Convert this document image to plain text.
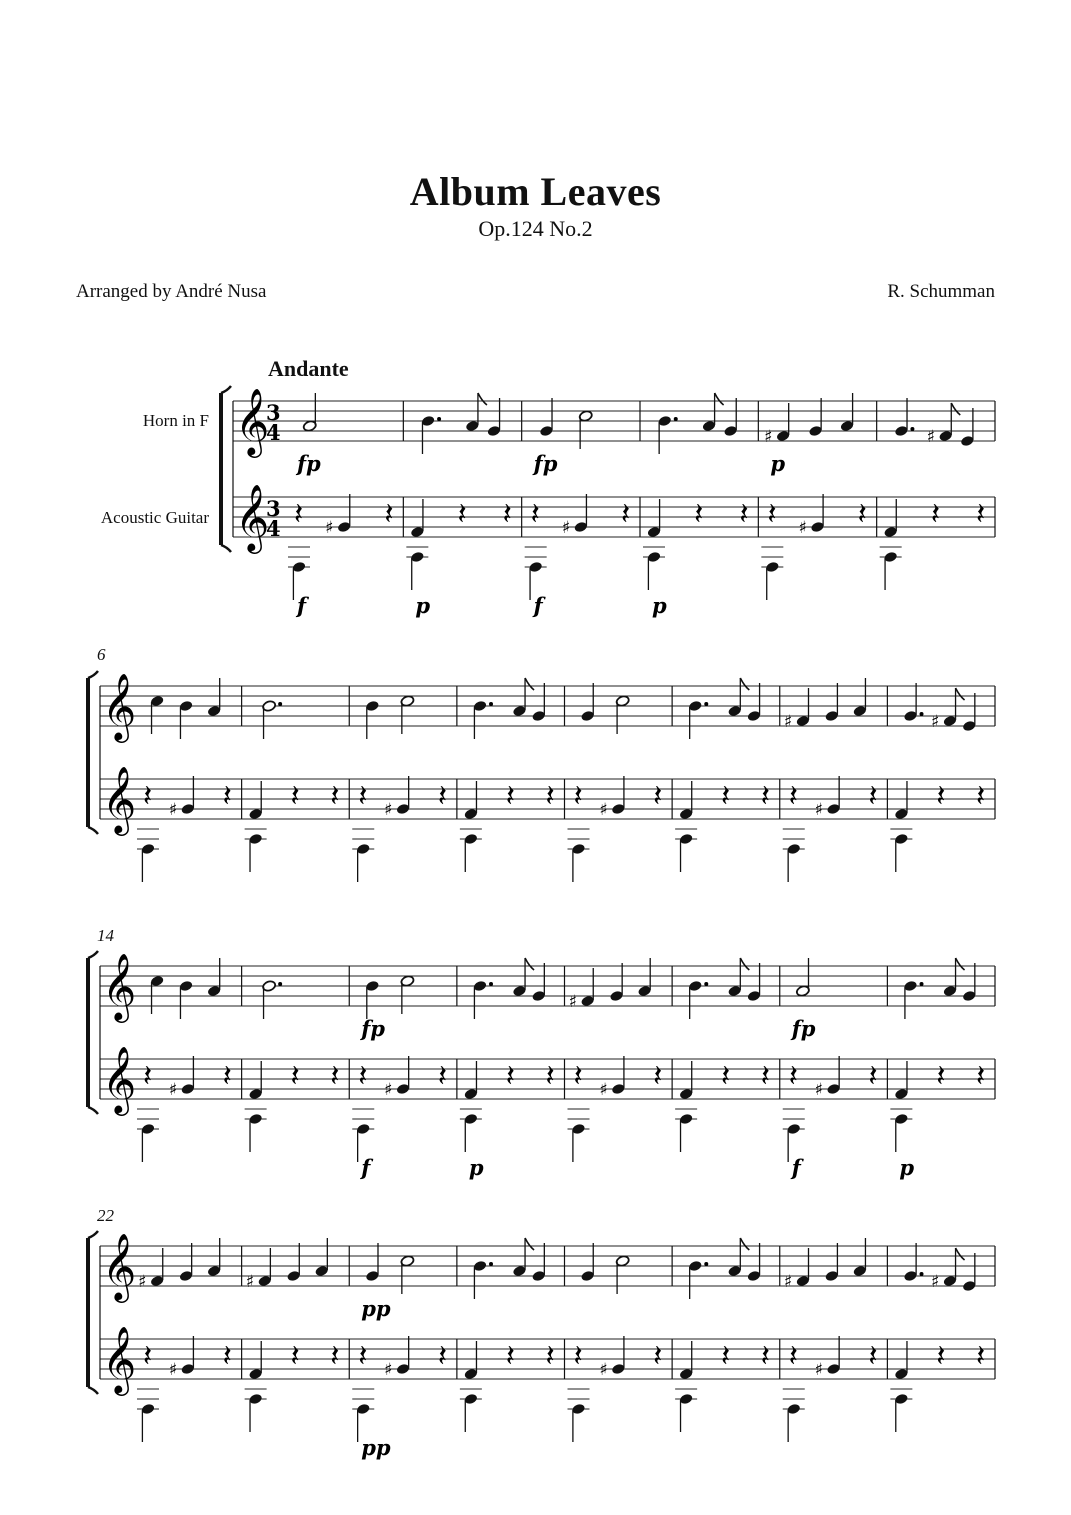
Album Leaves
Op.124 No.2
Arranged by André Nusa	R. Schumman
Andante
Horn in F
Acoustic Guitar
6
14
22
𝄞
𝄞
3
4
3
4 𝄽 ♯ 𝄽 𝄽 𝄽 𝄽 ♯ 𝄽 𝄽 𝄽
♯
𝄽 ♯ 𝄽
♯
𝄽 𝄽
fp	fp	p
f	p	f	p
𝄞
𝄞 𝄽 ♯ 𝄽 𝄽 𝄽 𝄽 ♯ 𝄽 𝄽 𝄽 𝄽 ♯ 𝄽 𝄽 𝄽
♯
𝄽 ♯ 𝄽
♯
𝄽 𝄽
𝄞
𝄞 𝄽 ♯ 𝄽 𝄽 𝄽 𝄽 ♯ 𝄽 𝄽 𝄽
♯
𝄽 ♯ 𝄽 𝄽 𝄽 𝄽 ♯ 𝄽 𝄽 𝄽
fp	fp
f	p	f	p
𝄞
𝄞
♯
𝄽 ♯ 𝄽
♯
𝄽 𝄽 𝄽 ♯ 𝄽 𝄽 𝄽 𝄽 ♯ 𝄽 𝄽 𝄽
♯
𝄽 ♯ 𝄽
♯
𝄽 𝄽
pp
pp
